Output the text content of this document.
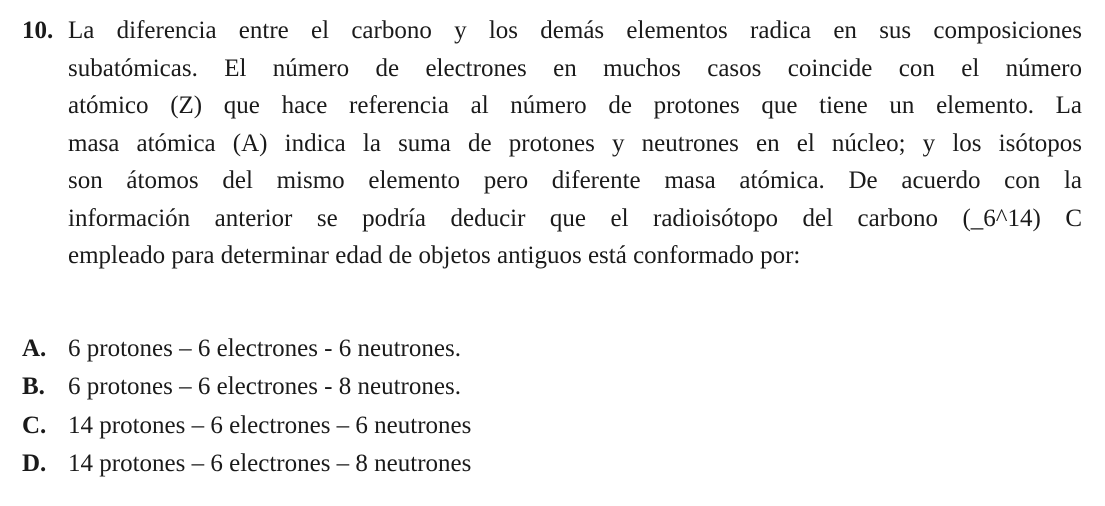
10. La diferencia entre el carbono y los demás elementos radica en sus composiciones
subatómicas. El número de electrones en muchos casos coincide con el número
atómico (Z) que hace referencia al número de protones que tiene un elemento. La
masa atómica (A) indica la suma de protones y neutrones en el núcleo; y los isótopos
son átomos del mismo elemento pero diferente masa atómica. De acuerdo con la
información anterior se podría deducir que el radioisótopo del carbono (_6^14) C
empleado para determinar edad de objetos antiguos está conformado por:
A. 6 protones – 6 electrones - 6 neutrones.
B. 6 protones – 6 electrones - 8 neutrones.
C. 14 protones – 6 electrones – 6 neutrones
D. 14 protones – 6 electrones – 8 neutrones
